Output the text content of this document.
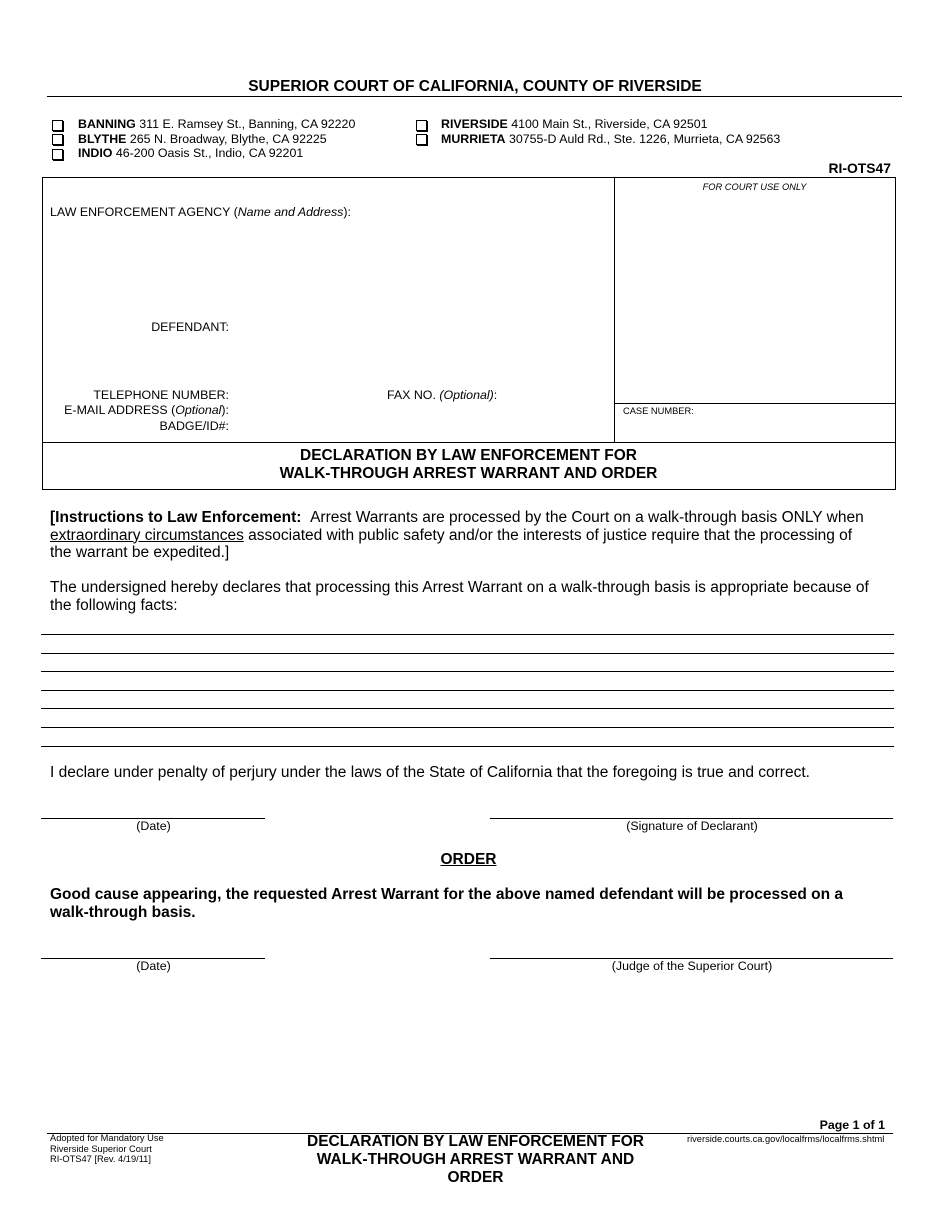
SUPERIOR COURT OF CALIFORNIA, COUNTY OF RIVERSIDE
BANNING 311 E. Ramsey St., Banning, CA 92220
BLYTHE 265 N. Broadway, Blythe, CA 92225
INDIO 46-200 Oasis St., Indio, CA 92201
RIVERSIDE 4100 Main St., Riverside, CA 92501
MURRIETA 30755-D Auld Rd., Ste. 1226, Murrieta, CA 92563
RI-OTS47
FOR COURT USE ONLY
LAW ENFORCEMENT AGENCY (Name and Address):
DEFENDANT:
TELEPHONE NUMBER:
E-MAIL ADDRESS (Optional):
BADGE/ID#:
FAX NO. (Optional):
CASE NUMBER:
DECLARATION BY LAW ENFORCEMENT FOR
WALK-THROUGH ARREST WARRANT AND ORDER
[Instructions to Law Enforcement: Arrest Warrants are processed by the Court on a walk-through basis ONLY when
extraordinary circumstances associated with public safety and/or the interests of justice require that the processing of
the warrant be expedited.]
The undersigned hereby declares that processing this Arrest Warrant on a walk-through basis is appropriate because of
the following facts:
I declare under penalty of perjury under the laws of the State of California that the foregoing is true and correct.
(Date)	(Signature of Declarant)
ORDER
Good cause appearing, the requested Arrest Warrant for the above named defendant will be processed on a
walk-through basis.
(Date)	(Judge of the Superior Court)
Page 1 of 1
Adopted for Mandatory Use
Riverside Superior Court
RI-OTS47 [Rev. 4/19/11]
DECLARATION BY LAW ENFORCEMENT FOR
WALK-THROUGH ARREST WARRANT AND
ORDER
riverside.courts.ca.gov/localfrms/localfrms.shtml
